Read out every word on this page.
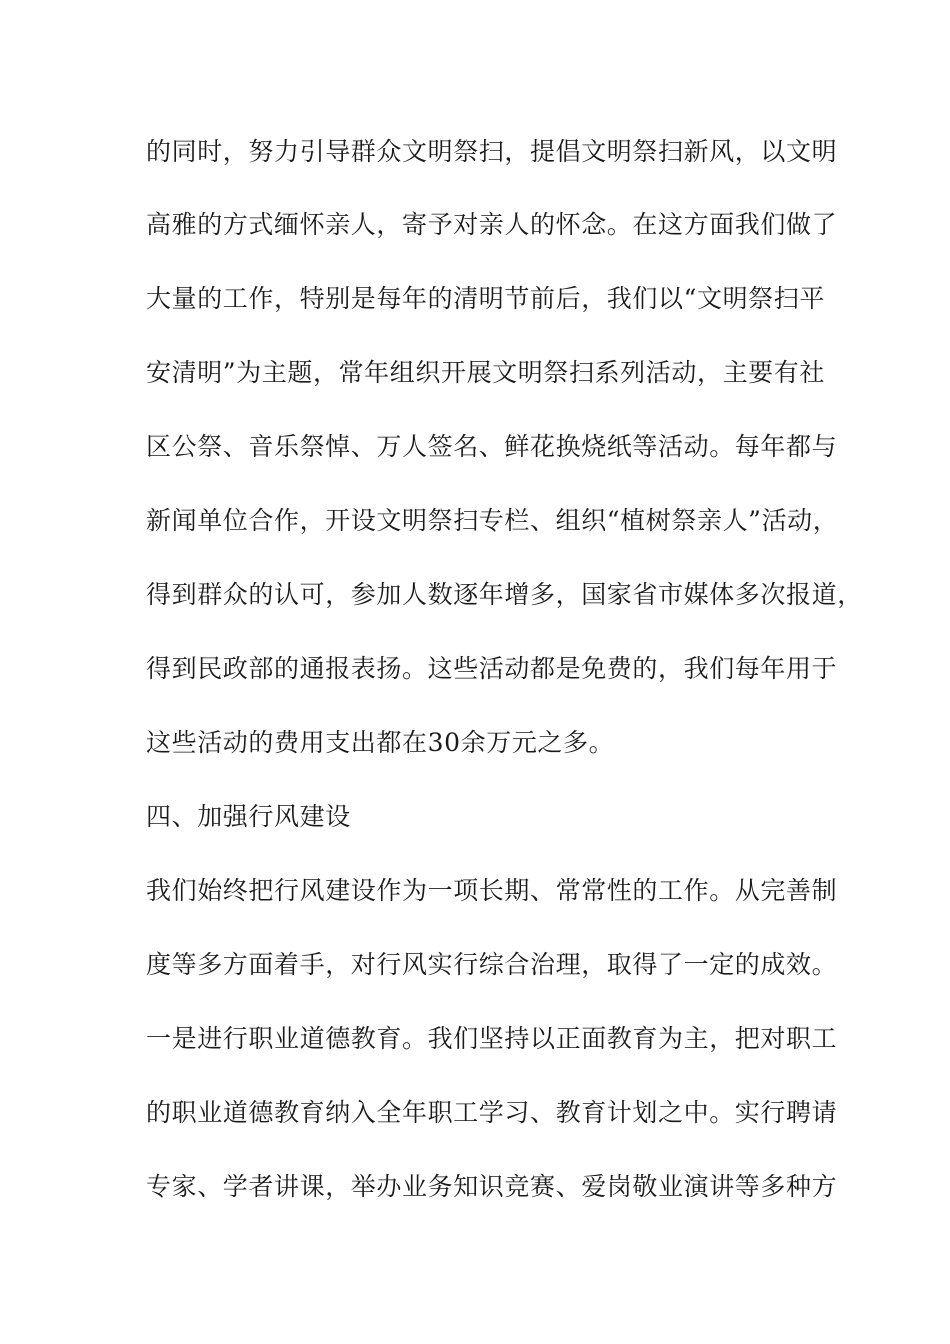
的同时，努力引导群众文明祭扫，提倡文明祭扫新风，以文明
高雅的方式缅怀亲人，寄予对亲人的怀念。在这方面我们做了
大量的工作，特别是每年的清明节前后，我们以“文明祭扫平
安清明”为主题，常年组织开展文明祭扫系列活动，主要有社
区公祭、音乐祭悼、万人签名、鲜花换烧纸等活动。每年都与
新闻单位合作，开设文明祭扫专栏、组织“植树祭亲人”活动，
得到群众的认可，参加人数逐年增多，国家省市媒体多次报道，
得到民政部的通报表扬。这些活动都是免费的，我们每年用于
这些活动的费用支出都在30余万元之多。
四、加强行风建设
我们始终把行风建设作为一项长期、常常性的工作。从完善制
度等多方面着手，对行风实行综合治理，取得了一定的成效。
一是进行职业道德教育。我们坚持以正面教育为主，把对职工
的职业道德教育纳入全年职工学习、教育计划之中。实行聘请
专家、学者讲课，举办业务知识竞赛、爱岗敬业演讲等多种方
